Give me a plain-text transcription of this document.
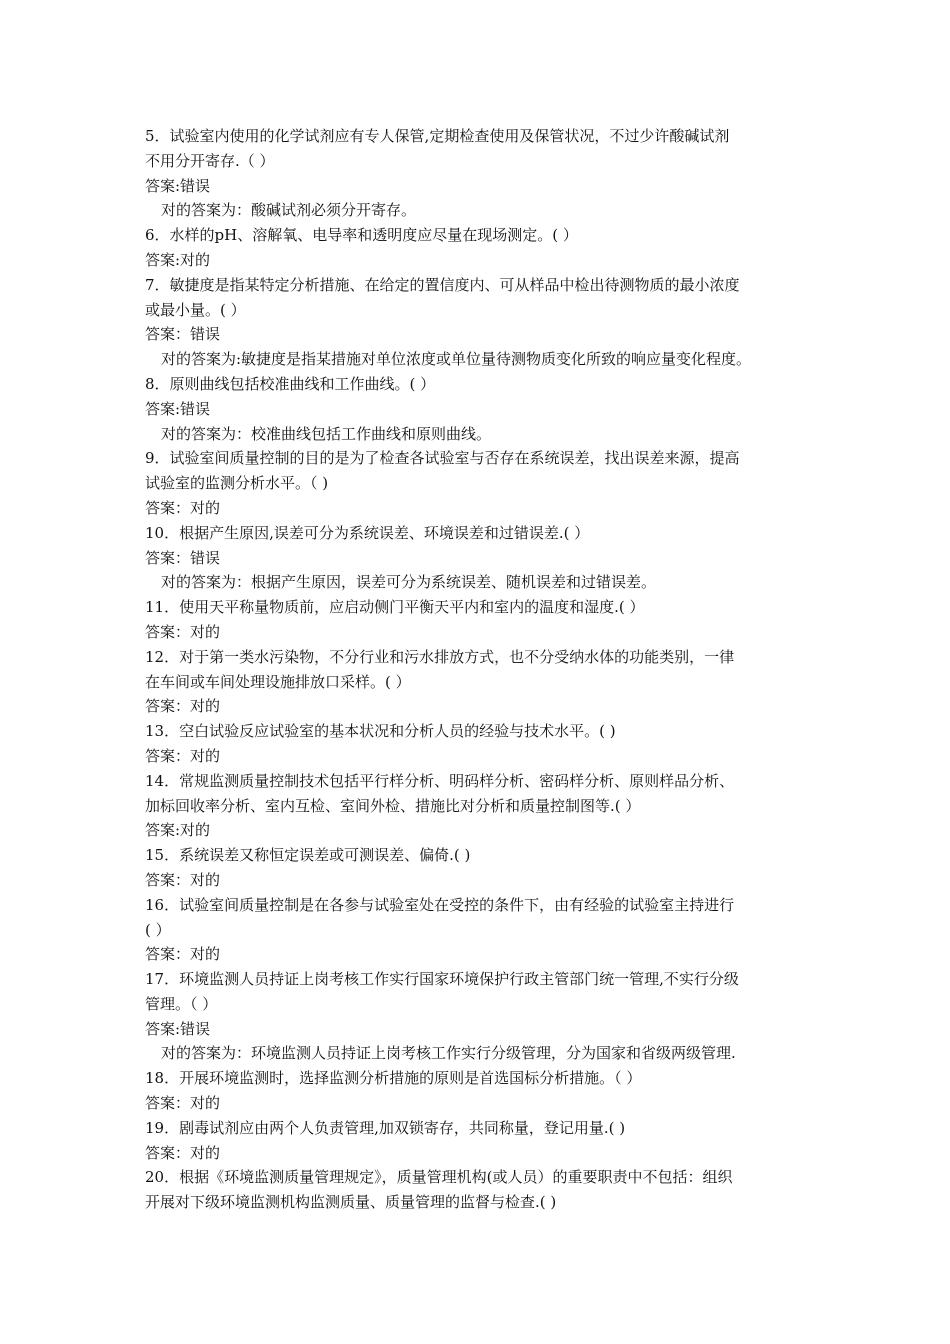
5．试验室内使用的化学试剂应有专人保管,定期检查使用及保管状况，不过少许酸碱试剂
不用分开寄存.（ ）
答案:错误
对的答案为：酸碱试剂必须分开寄存。
6．水样的pH、溶解氧、电导率和透明度应尽量在现场测定。( ）
答案:对的
7．敏捷度是指某特定分析措施、在给定的置信度内、可从样品中检出待测物质的最小浓度
或最小量。( ）
答案：错误
对的答案为:敏捷度是指某措施对单位浓度或单位量待测物质变化所致的响应量变化程度。
8．原则曲线包括校准曲线和工作曲线。( ）
答案:错误
对的答案为：校准曲线包括工作曲线和原则曲线。
9．试验室间质量控制的目的是为了检查各试验室与否存在系统误差，找出误差来源，提高
试验室的监测分析水平。（ )
答案：对的
10．根据产生原因,误差可分为系统误差、环境误差和过错误差.( ）
答案：错误
对的答案为：根据产生原因，误差可分为系统误差、随机误差和过错误差。
11．使用天平称量物质前，应启动侧门平衡天平内和室内的温度和湿度.( ）
答案：对的
12．对于第一类水污染物，不分行业和污水排放方式，也不分受纳水体的功能类别，一律
在车间或车间处理设施排放口采样。( ）
答案：对的
13．空白试验反应试验室的基本状况和分析人员的经验与技术水平。( )
答案：对的
14．常规监测质量控制技术包括平行样分析、明码样分析、密码样分析、原则样品分析、
加标回收率分析、室内互检、室间外检、措施比对分析和质量控制图等.( ）
答案:对的
15．系统误差又称恒定误差或可测误差、偏倚.( )
答案：对的
16．试验室间质量控制是在各参与试验室处在受控的条件下，由有经验的试验室主持进行
( ）
答案：对的
17．环境监测人员持证上岗考核工作实行国家环境保护行政主管部门统一管理,不实行分级
管理。（ ）
答案:错误
对的答案为：环境监测人员持证上岗考核工作实行分级管理，分为国家和省级两级管理.
18．开展环境监测时，选择监测分析措施的原则是首选国标分析措施。（ ）
答案：对的
19．剧毒试剂应由两个人负责管理,加双锁寄存，共同称量，登记用量.( )
答案：对的
20．根据《环境监测质量管理规定》，质量管理机构(或人员）的重要职责中不包括：组织
开展对下级环境监测机构监测质量、质量管理的监督与检查.( )
